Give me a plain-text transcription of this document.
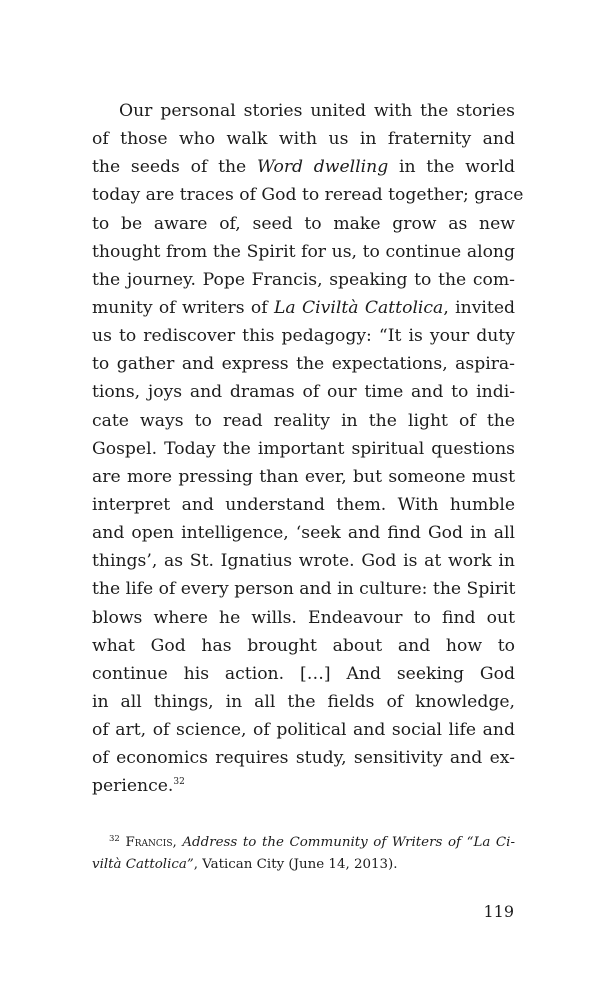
Our personal stories united with the stories
of those who walk with us in fraternity and
the seeds of the Word dwelling in the world
today are traces of God to reread together; grace
to be aware of, seed to make grow as new
thought from the Spirit for us, to continue along
the journey. Pope Francis, speaking to the com-
munity of writers of La Civiltà Cattolica, invited
us to rediscover this pedagogy: “It is your duty
to gather and express the expectations, aspira-
tions, joys and dramas of our time and to indi-
cate ways to read reality in the light of the
Gospel. Today the important spiritual questions
are more pressing than ever, but someone must
interpret and understand them. With humble
and open intelligence, ‘seek and find God in all
things’, as St. Ignatius wrote. God is at work in
the life of every person and in culture: the Spirit
blows where he wills. Endeavour to find out
what God has brought about and how to
continue his action. […] And seeking God
in all things, in all the fields of knowledge,
of art, of science, of political and social life and
of economics requires study, sensitivity and ex-
perience.$^{32}$

$^{32}$ Francis, Address to the Community of Writers of “La Ci-
viltà Cattolica”, Vatican City (June 14, 2013).
119
